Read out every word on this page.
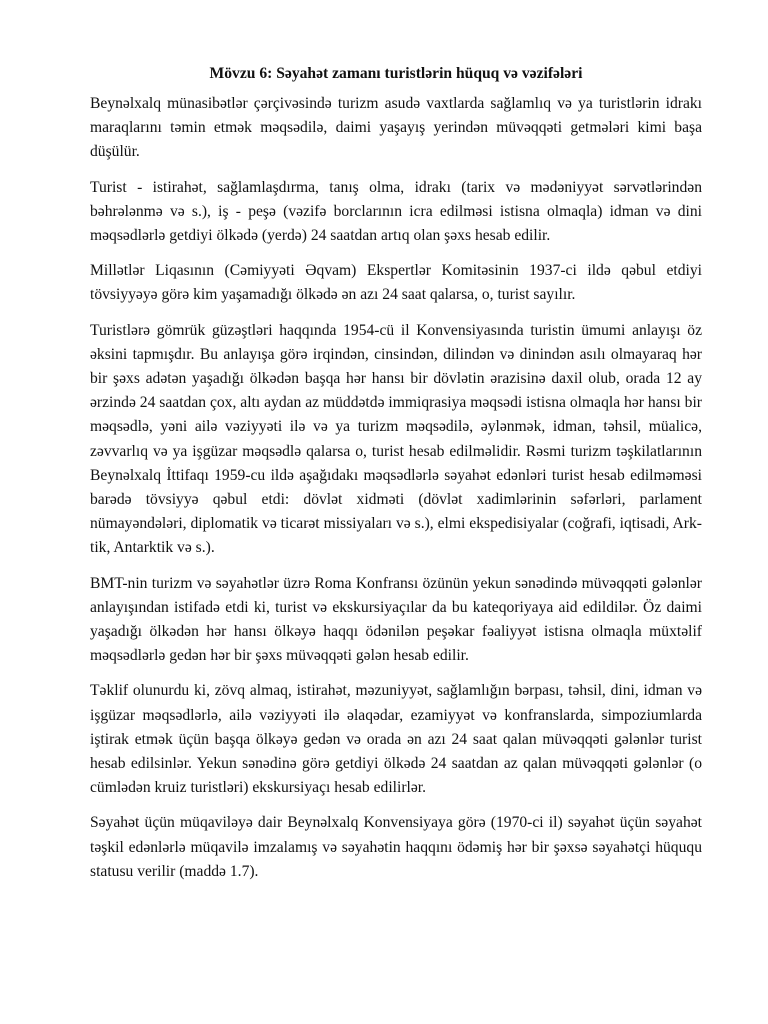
Mövzu 6: Səyahət zamanı turistlərin hüquq və vəzifələri

Beynəlxalq münasibətlər çərçivəsində turizm asudə vaxtlarda sağlamlıq və ya turistlərin idrakı maraqlarını təmin etmək məqsədilə, daimi yaşayış yerindən müvəqqəti getmələri kimi başa düşülür.

Turist - istirahət, sağlamlaşdırma, tanış olma, idrakı (tarix və mədəniyyət sərvətlərindən bəhrələnmə və s.), iş - peşə (vəzifə borclarının icra edilməsi istisna olmaqla) idman və dini məqsədlərlə getdiyi ölkədə (yerdə) 24 saatdan artıq olan şəxs hesab edilir.

Millətlər Liqasının (Cəmiyyəti Əqvam) Ekspertlər Komitəsinin 1937-ci ildə qəbul etdiyi tövsiyyəyə görə kim yaşamadığı ölkədə ən azı 24 saat qalarsa, o, turist sayılır.

Turistlərə gömrük güzəştləri haqqında 1954-cü il Konvensiyasında turistin ümumi anlayışı öz əksini tapmışdır. Bu anlayışa görə irqindən, cinsindən, dilindən və dinindən asılı olmayaraq hər bir şəxs adətən yaşadığı ölkədən başqa hər hansı bir dövlətin ərazisinə daxil olub, orada 12 ay ərzində 24 saatdan çox, altı aydan az müddətdə immiqrasiya məqsədi istisna olmaqla hər hansı bir məqsədlə, yəni ailə vəziyyəti ilə və ya turizm məqsədilə, əylənmək, idman, təhsil, müalicə, zəvvarlıq və ya işgüzar məqsədlə qalarsa o, turist hesab edilməlidir. Rəsmi turizm təşkilatlarının Beynəlxalq İttifaqı 1959-cu ildə aşağıdakı məqsədlərlə səyahət edənləri turist hesab edilməməsi barədə tövsiyyə qəbul etdi: dövlət xidməti (dövlət xadimlərinin səfərləri, parlament nümayəndələri, diplomatik və ticarət missiyaları və s.), elmi ekspedisiyalar (coğrafi, iqtisadi, Ark- tik, Antarktik və s.).

BMT-nin turizm və səyahətlər üzrə Roma Konfransı özünün yekun sənədində müvəqqəti gələnlər anlayışından istifadə etdi ki, turist və ekskursiyaçılar da bu kateqoriyaya aid edildilər. Öz daimi yaşadığı ölkədən hər hansı ölkəyə haqqı ödənilən peşəkar fəaliyyət istisna olmaqla müxtəlif məqsədlərlə gedən hər bir şəxs müvəqqəti gələn hesab edilir.

Təklif olunurdu ki, zövq almaq, istirahət, məzuniyyət, sağlamlığın bərpası, təhsil, dini, idman və işgüzar məqsədlərlə, ailə vəziyyəti ilə əlaqədar, ezamiyyət və konfranslarda, simpoziumlarda iştirak etmək üçün başqa ölkəyə gedən və orada ən azı 24 saat qalan müvəqqəti gələnlər turist hesab edilsinlər. Yekun sənədinə görə getdiyi ölkədə 24 saatdan az qalan müvəqqəti gələnlər (o cümlədən kruiz turistləri) ekskursiyaçı hesab edilirlər.

Səyahət üçün müqaviləyə dair Beynəlxalq Konvensiyaya görə (1970-ci il) səyahət üçün səyahət təşkil edənlərlə müqavilə imzalamış və səyahətin haqqını ödəmiş hər bir şəxsə səyahətçi hüququ statusu verilir (maddə 1.7).
